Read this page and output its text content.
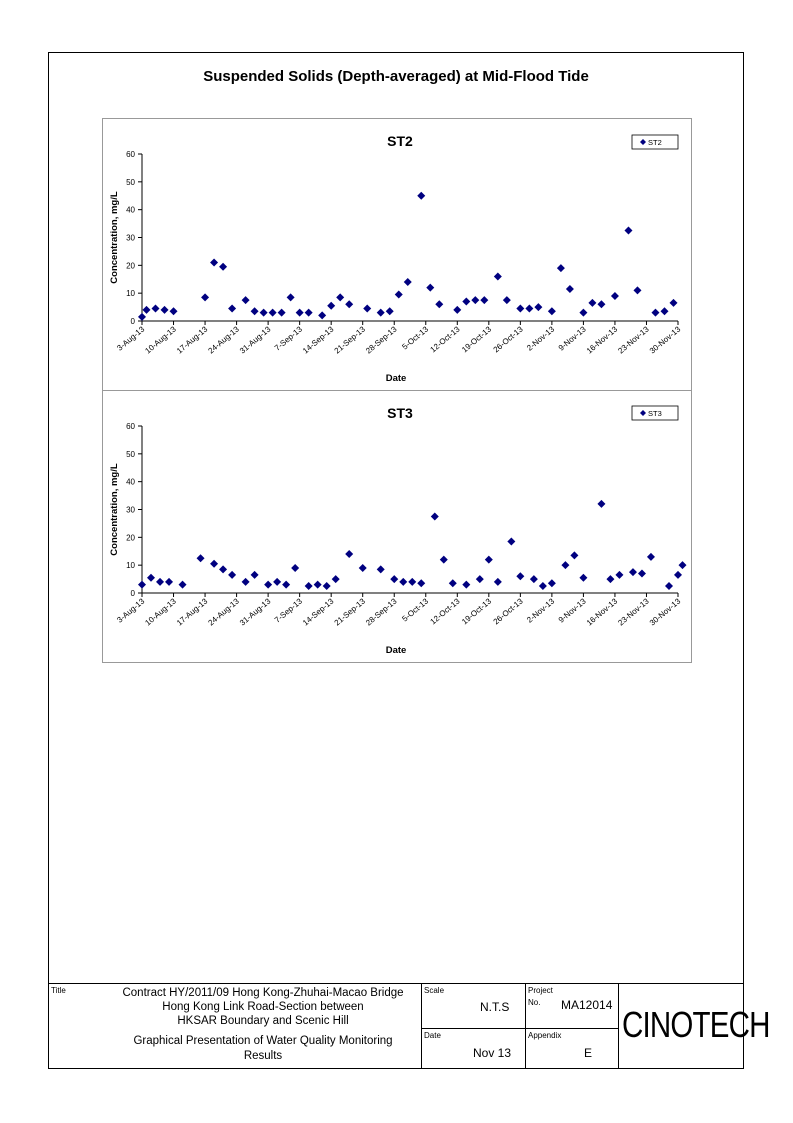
Suspended Solids (Depth-averaged) at Mid-Flood Tide
ST2
0
10
20
30
40
50
60
Concentration, mg/L
3-Aug-13
10-Aug-13
17-Aug-13
24-Aug-13
31-Aug-13 7-Sep-13
14-Sep-13
21-Sep-13
28-Sep-13 5-Oct-13
12-Oct-13
19-Oct-13
26-Oct-13 2-Nov-13 9-Nov-13
16-Nov-13
23-Nov-13
30-Nov-13
Date
ST2
ST3
0
10
20
30
40
50
60
Concentration, mg/L
3-Aug-13
10-Aug-13
17-Aug-13
24-Aug-13
31-Aug-13 7-Sep-13
14-Sep-13
21-Sep-13
28-Sep-13 5-Oct-13
12-Oct-13
19-Oct-13
26-Oct-13 2-Nov-13 9-Nov-13
16-Nov-13
23-Nov-13
30-Nov-13
Date
ST3
Title	Contract HY/2011/09 Hong Kong-Zhuhai-Macao Bridge
Hong Kong Link Road-Section between
HKSAR Boundary and Scenic Hill
Graphical Presentation of Water Quality Monitoring
Results
Scale
N.T.S
Date
Nov 13
Project
No. MA12014
Appendix
E
CINOTECH
